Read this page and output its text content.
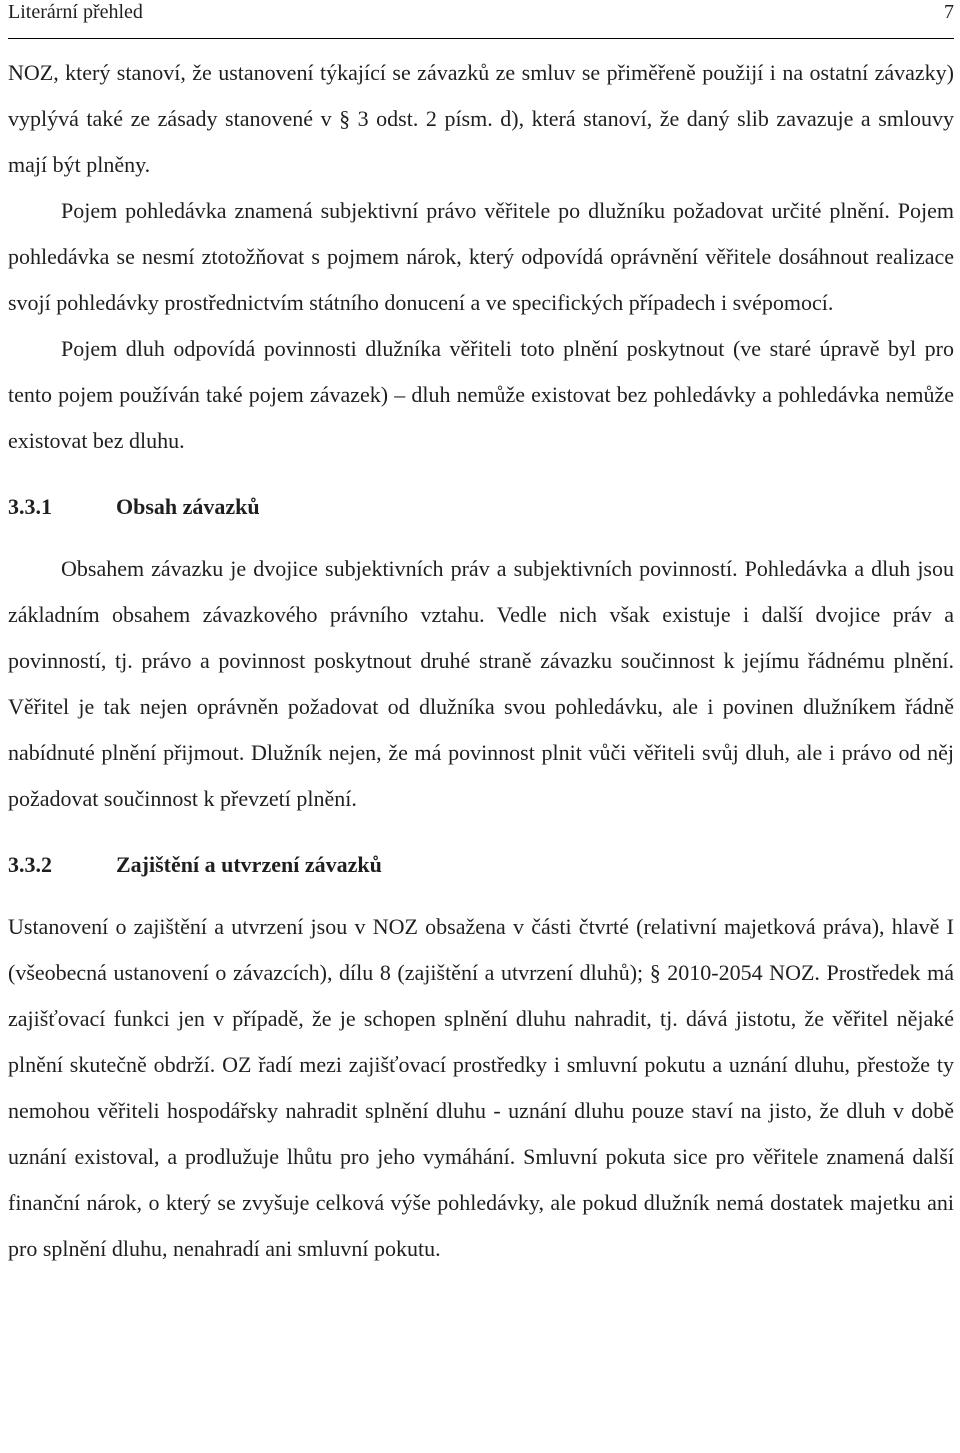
Literární přehled	7

NOZ, který stanoví, že ustanovení týkající se závazků ze smluv se přiměřeně použijí i na ostatní závazky) vyplývá také ze zásady stanovené v § 3 odst. 2 písm. d), která stanoví, že daný slib zavazuje a smlouvy mají být plněny.

Pojem pohledávka znamená subjektivní právo věřitele po dlužníku požadovat určité plnění. Pojem pohledávka se nesmí ztotožňovat s pojmem nárok, který odpovídá oprávnění věřitele dosáhnout realizace svojí pohledávky prostřednictvím státního donucení a ve specifických případech i svépomocí.

Pojem dluh odpovídá povinnosti dlužníka věřiteli toto plnění poskytnout (ve staré úpravě byl pro tento pojem používán také pojem závazek) – dluh nemůže existovat bez pohledávky a pohledávka nemůže existovat bez dluhu.

3.3.1	Obsah závazků

Obsahem závazku je dvojice subjektivních práv a subjektivních povinností. Pohledávka a dluh jsou základním obsahem závazkového právního vztahu. Vedle nich však existuje i další dvojice práv a povinností, tj. právo a povinnost poskytnout druhé straně závazku součinnost k jejímu řádnému plnění. Věřitel je tak nejen oprávněn požadovat od dlužníka svou pohledávku, ale i povinen dlužníkem řádně nabídnuté plnění přijmout. Dlužník nejen, že má povinnost plnit vůči věřiteli svůj dluh, ale i právo od něj požadovat součinnost k převzetí plnění.

3.3.2	Zajištění a utvrzení závazků

Ustanovení o zajištění a utvrzení jsou v NOZ obsažena v části čtvrté (relativní majetková práva), hlavě I (všeobecná ustanovení o závazcích), dílu 8 (zajištění a utvrzení dluhů); § 2010-2054 NOZ. Prostředek má zajišťovací funkci jen v případě, že je schopen splnění dluhu nahradit, tj. dává jistotu, že věřitel nějaké plnění skutečně obdrží. OZ řadí mezi zajišťovací prostředky i smluvní pokutu a uznání dluhu, přestože ty nemohou věřiteli hospodářsky nahradit splnění dluhu - uznání dluhu pouze staví na jisto, že dluh v době uznání existoval, a prodlužuje lhůtu pro jeho vymáhání. Smluvní pokuta sice pro věřitele znamená další finanční nárok, o který se zvyšuje celková výše pohledávky, ale pokud dlužník nemá dostatek majetku ani pro splnění dluhu, nenahradí ani smluvní pokutu.
